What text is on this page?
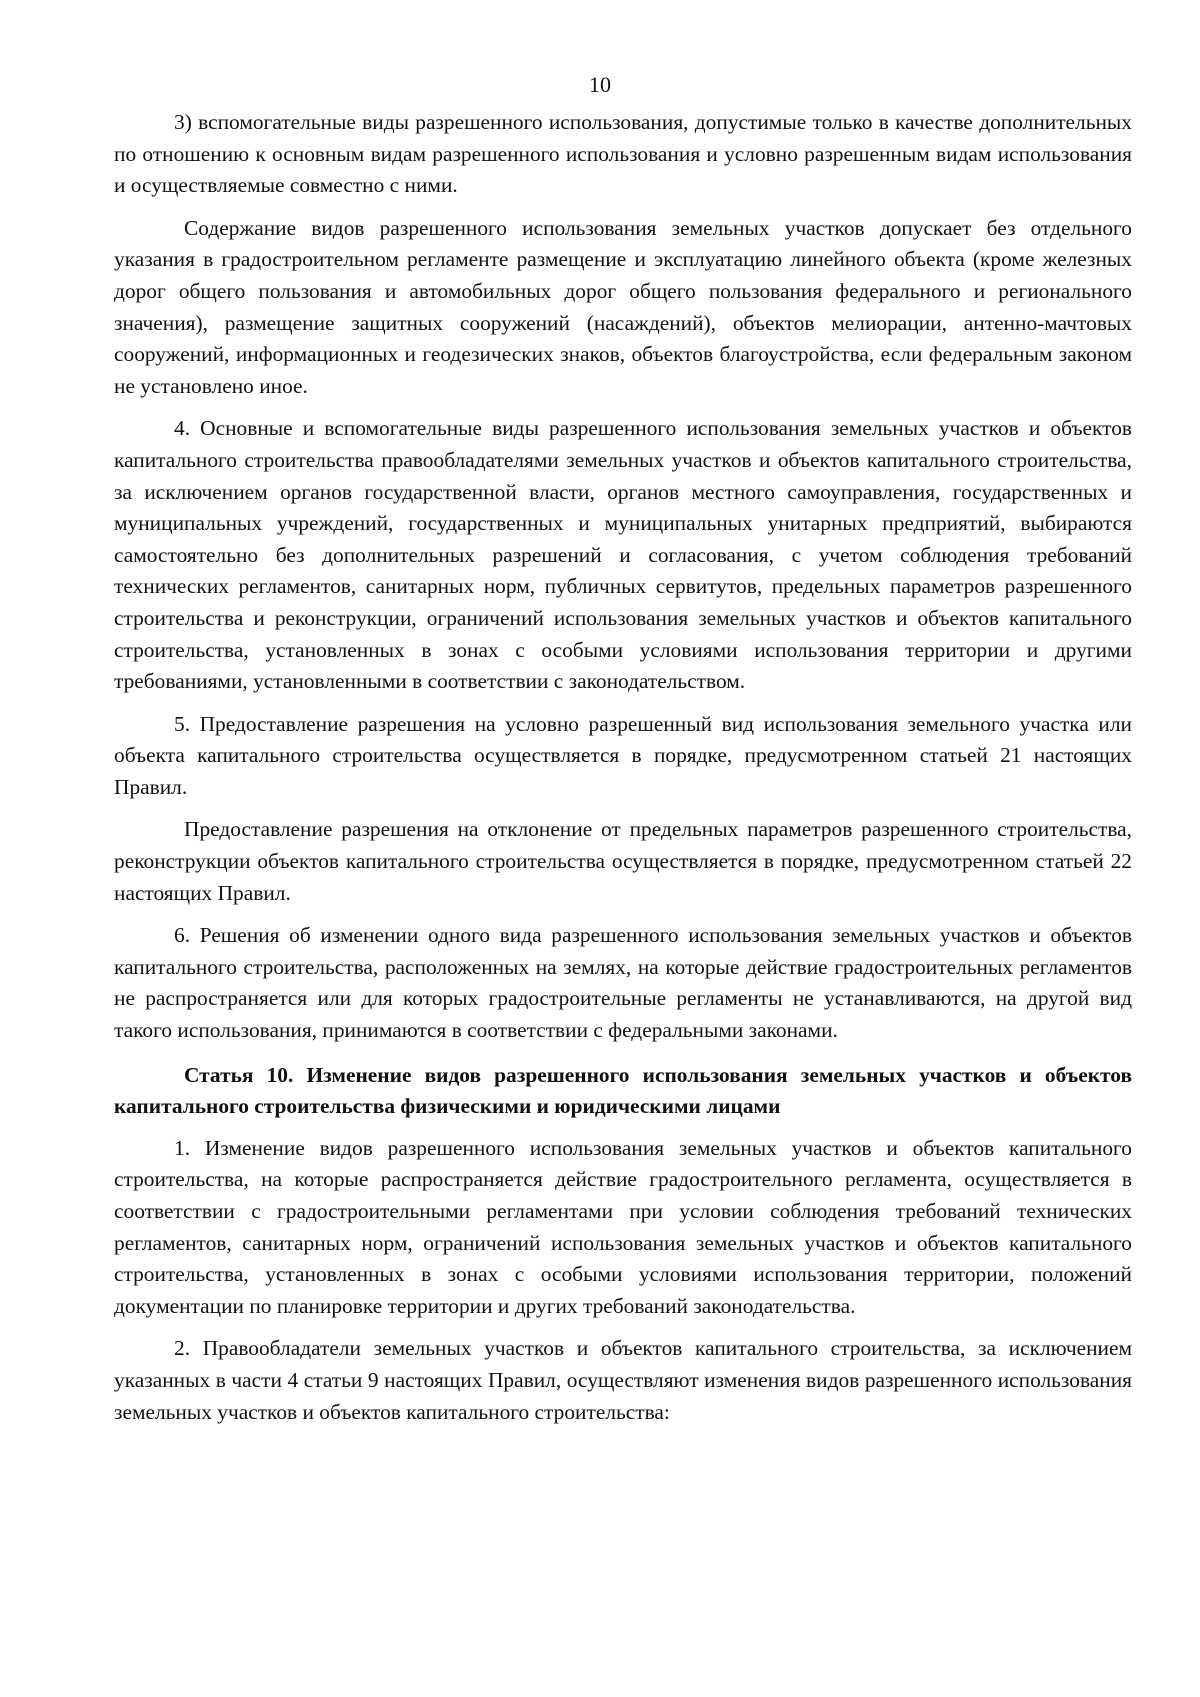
10

3) вспомогательные виды разрешенного использования, допустимые только в качестве дополнительных по отношению к основным видам разрешенного использования и условно разрешенным видам использования и осуществляемые совместно с ними.

Содержание видов разрешенного использования земельных участков допускает без отдельного указания в градостроительном регламенте размещение и эксплуатацию линейного объекта (кроме железных дорог общего пользования и автомобильных дорог общего пользования федерального и регионального значения), размещение защитных сооружений (насаждений), объектов мелиорации, антенно-мачтовых сооружений, информационных и геодезических знаков, объектов благоустройства, если федеральным законом не установлено иное.

4. Основные и вспомогательные виды разрешенного использования земельных участков и объектов капитального строительства правообладателями земельных участков и объектов капитального строительства, за исключением органов государственной власти, органов местного самоуправления, государственных и муниципальных учреждений, государственных и муниципальных унитарных предприятий, выбираются самостоятельно без дополнительных разрешений и согласования, с учетом соблюдения требований технических регламентов, санитарных норм, публичных сервитутов, предельных параметров разрешенного строительства и реконструкции, ограничений использования земельных участков и объектов капитального строительства, установленных в зонах с особыми условиями использования территории и другими требованиями, установленными в соответствии с законодательством.

5. Предоставление разрешения на условно разрешенный вид использования земельного участка или объекта капитального строительства осуществляется в порядке, предусмотренном статьей 21 настоящих Правил.

Предоставление разрешения на отклонение от предельных параметров разрешенного строительства, реконструкции объектов капитального строительства осуществляется в порядке, предусмотренном статьей 22 настоящих Правил.

6. Решения об изменении одного вида разрешенного использования земельных участков и объектов капитального строительства, расположенных на землях, на которые действие градостроительных регламентов не распространяется или для которых градостроительные регламенты не устанавливаются, на другой вид такого использования, принимаются в соответствии с федеральными законами.

Статья 10. Изменение видов разрешенного использования земельных участков и объектов капитального строительства физическими и юридическими лицами

1. Изменение видов разрешенного использования земельных участков и объектов капитального строительства, на которые распространяется действие градостроительного регламента, осуществляется в соответствии с градостроительными регламентами при условии соблюдения требований технических регламентов, санитарных норм, ограничений использования земельных участков и объектов капитального строительства, установленных в зонах с особыми условиями использования территории, положений документации по планировке территории и других требований законодательства.

2. Правообладатели земельных участков и объектов капитального строительства, за исключением указанных в части 4 статьи 9 настоящих Правил, осуществляют изменения видов разрешенного использования земельных участков и объектов капитального строительства:
